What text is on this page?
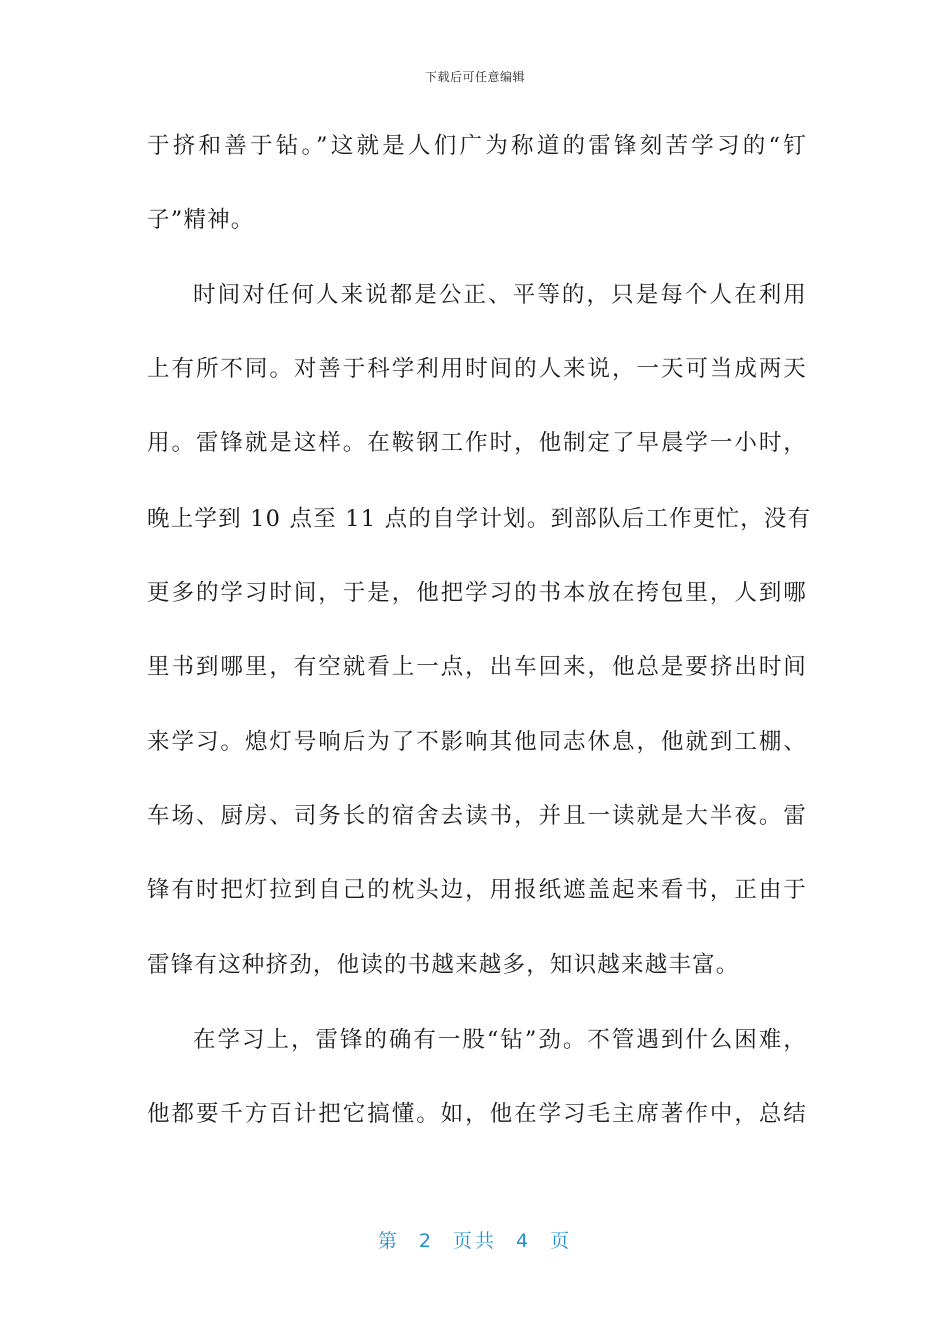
下载后可任意编辑
于挤和善于钻。”这就是人们广为称道的雷锋刻苦学习的“钉
子”精神。
时间对任何人来说都是公正、平等的，只是每个人在利用
上有所不同。对善于科学利用时间的人来说，一天可当成两天
用。雷锋就是这样。在鞍钢工作时，他制定了早晨学一小时，
晚上学到 10 点至 11 点的自学计划。到部队后工作更忙，没有
更多的学习时间，于是，他把学习的书本放在挎包里，人到哪
里书到哪里，有空就看上一点，出车回来，他总是要挤出时间
来学习。熄灯号响后为了不影响其他同志休息，他就到工棚、
车场、厨房、司务长的宿舍去读书，并且一读就是大半夜。雷
锋有时把灯拉到自己的枕头边，用报纸遮盖起来看书，正由于
雷锋有这种挤劲，他读的书越来越多，知识越来越丰富。
在学习上，雷锋的确有一股“钻”劲。不管遇到什么困难，
他都要千方百计把它搞懂。如，他在学习毛主席著作中，总结
第 2 页共 4 页
